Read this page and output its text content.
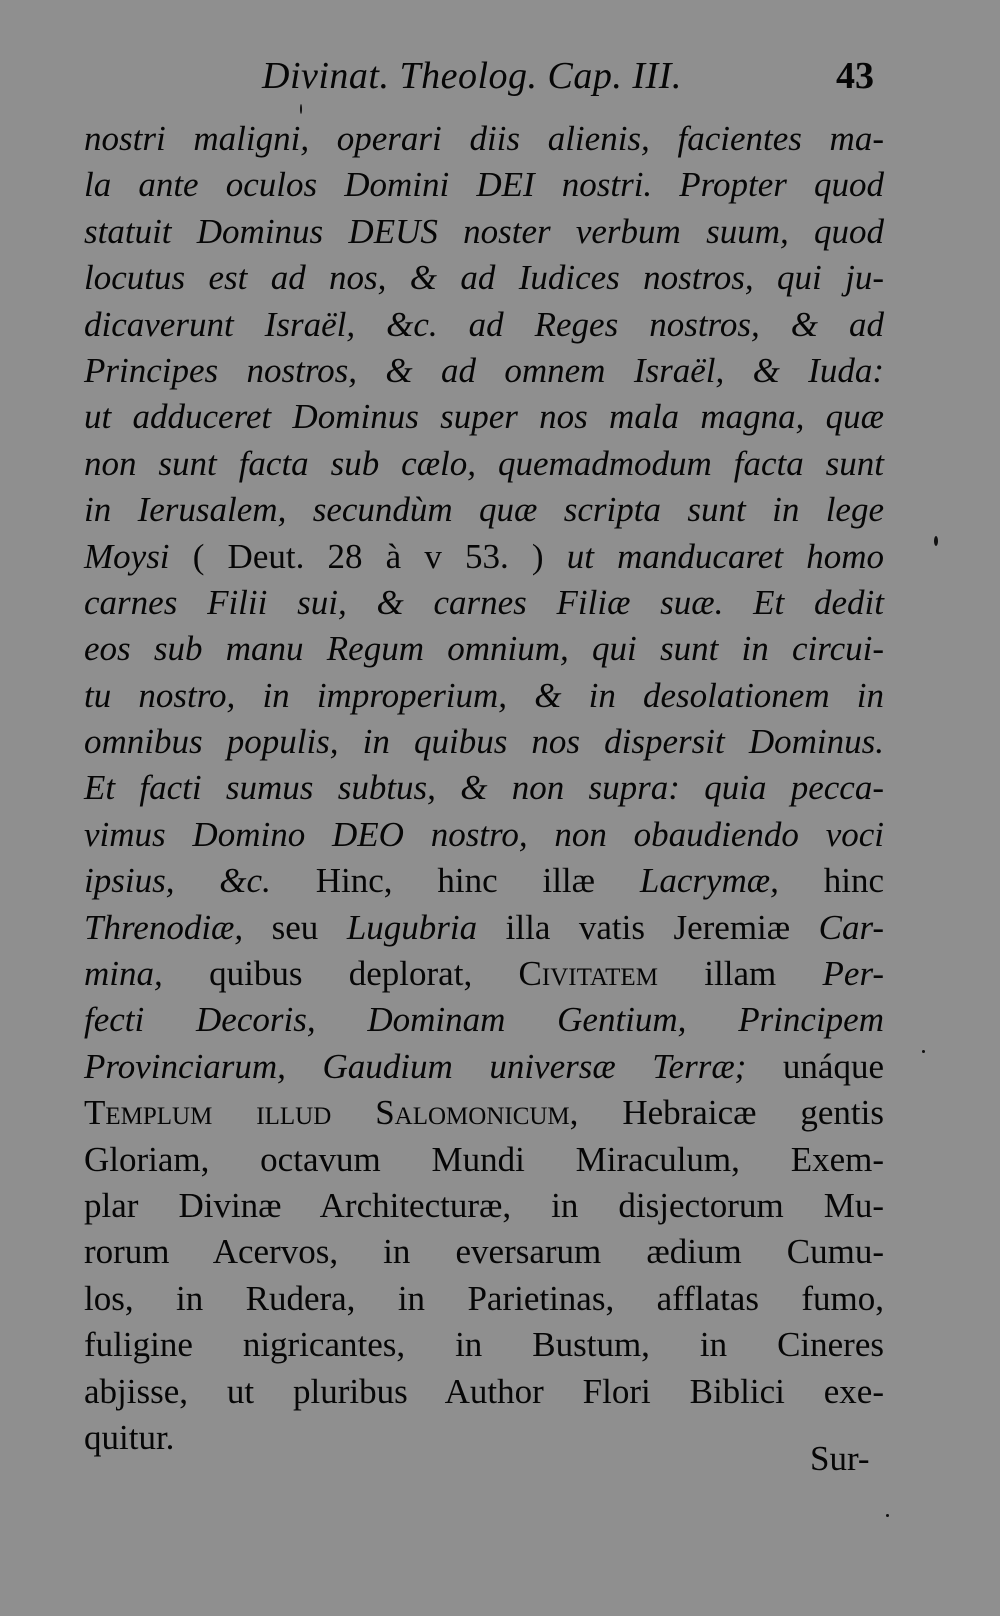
Divinat. Theolog. Cap. III.	43
nostri maligni, operari diis alienis, facientes ma-
la ante oculos Domini DEI nostri. Propter quod
statuit Dominus DEUS noster verbum suum, quod
locutus est ad nos, & ad Iudices nostros, qui ju-
dicaverunt Israël, &c. ad Reges nostros, & ad
Principes nostros, & ad omnem Israël, & Iuda:
ut adduceret Dominus super nos mala magna, quæ
non sunt facta sub cælo, quemadmodum facta sunt
in Ierusalem, secundùm quæ scripta sunt in lege
Moysi ( Deut. 28 à v 53. ) ut manducaret homo
carnes Filii sui, & carnes Filiæ suæ. Et dedit
eos sub manu Regum omnium, qui sunt in circui-
tu nostro, in improperium, & in desolationem in
omnibus populis, in quibus nos dispersit Dominus.
Et facti sumus subtus, & non supra: quia pecca-
vimus Domino DEO nostro, non obaudiendo voci
ipsius, &c. Hinc, hinc illæ Lacrymæ, hinc
Threnodiæ, seu Lugubria illa vatis Jeremiæ Car-
mina, quibus deplorat, Civitatem illam Per-
fecti Decoris, Dominam Gentium, Principem
Provinciarum, Gaudium universæ Terræ; unáque
Templum illud Salomonicum, Hebraicæ gentis
Gloriam, octavum Mundi Miraculum, Exem-
plar Divinæ Architecturæ, in disjectorum Mu-
rorum Acervos, in eversarum ædium Cumu-
los, in Rudera, in Parietinas, afflatas fumo,
fuligine nigricantes, in Bustum, in Cineres
abjisse, ut pluribus Author Flori Biblici exe-
quitur.
Sur-
